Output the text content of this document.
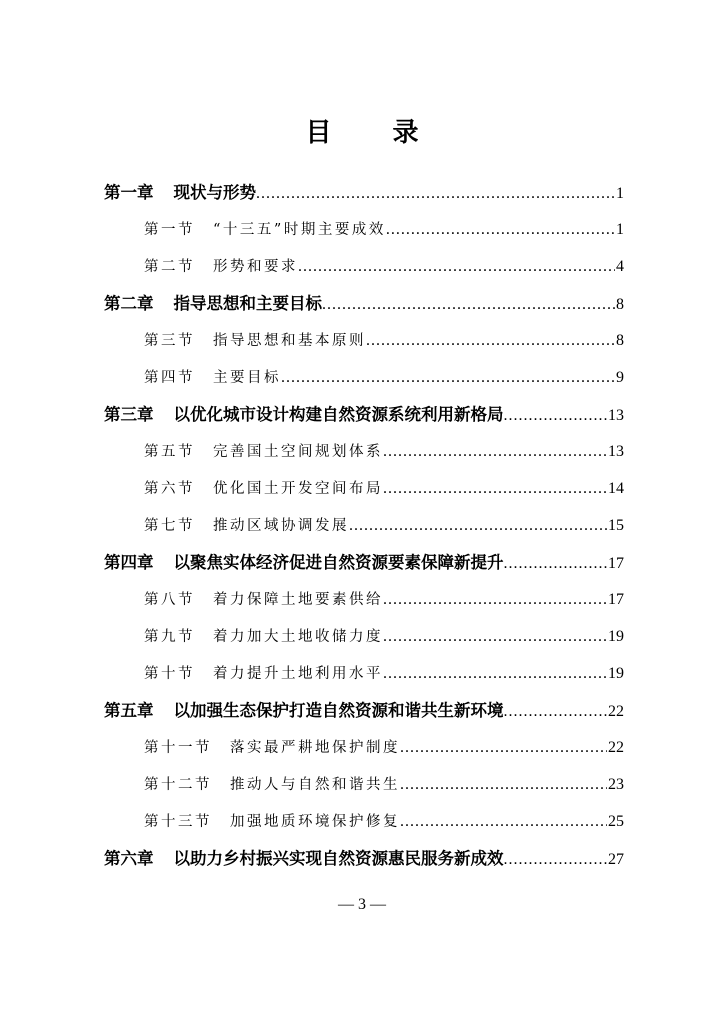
目 录
第一章 现状与形势 .....	1
第一节 “十三五”时期主要成效 .....	1
第二节 形势和要求 .....	4
第二章 指导思想和主要目标 .....	8
第三节 指导思想和基本原则 .....	8
第四节 主要目标 .....	9
第三章 以优化城市设计构建自然资源系统利用新格局 .....	13
第五节 完善国土空间规划体系 .....	13
第六节 优化国土开发空间布局 .....	14
第七节 推动区域协调发展 .....	15
第四章 以聚焦实体经济促进自然资源要素保障新提升 .....	17
第八节 着力保障土地要素供给 .....	17
第九节 着力加大土地收储力度 .....	19
第十节 着力提升土地利用水平 .....	19
第五章 以加强生态保护打造自然资源和谐共生新环境 .....	22
第十一节 落实最严耕地保护制度 .....	22
第十二节 推动人与自然和谐共生 .....	23
第十三节 加强地质环境保护修复 .....	25
第六章 以助力乡村振兴实现自然资源惠民服务新成效 .....	27
— 3 —
